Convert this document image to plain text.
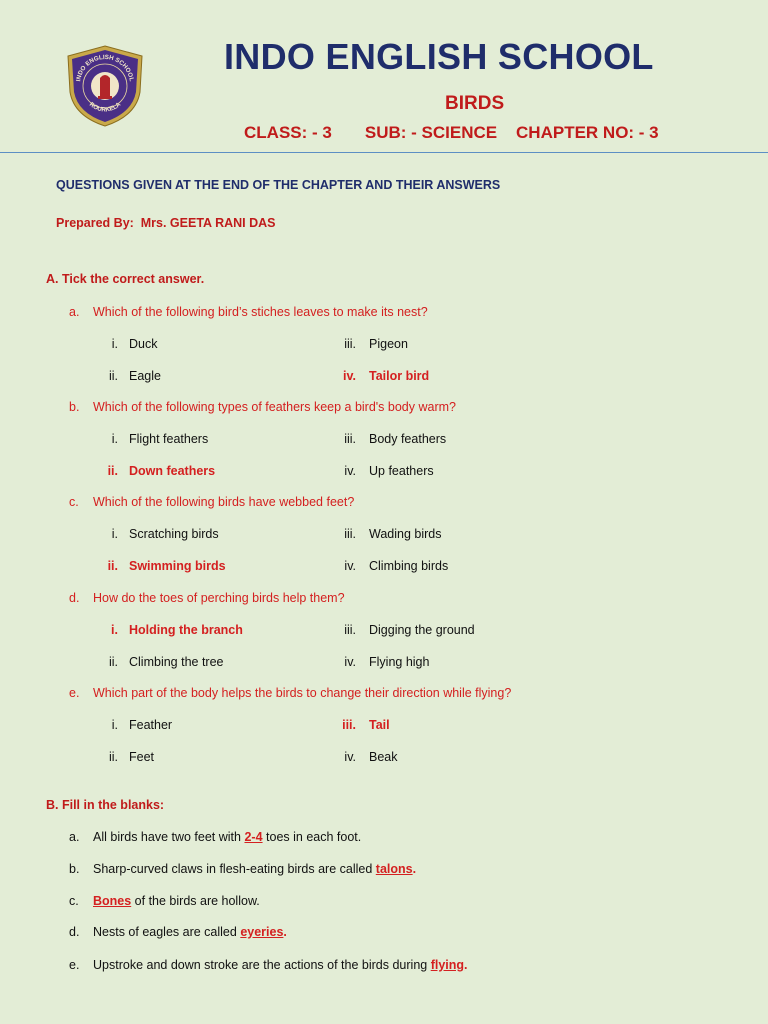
INDO ENGLISH SCHOOL
ROURKELA
INDO ENGLISH SCHOOL
BIRDS
CLASS: - 3       SUB: - SCIENCE    CHAPTER NO: - 3
QUESTIONS GIVEN AT THE END OF THE CHAPTER AND THEIR ANSWERS
Prepared By:  Mrs. GEETA RANI DAS
A. Tick the correct answer.
a. Which of the following bird’s stiches leaves to make its nest?
i. Duck	iii. Pigeon
ii. Eagle	iv. Tailor bird
b. Which of the following types of feathers keep a bird's body warm?
i. Flight feathers	iii. Body feathers
ii. Down feathers	iv. Up feathers
c. Which of the following birds have webbed feet?
i. Scratching birds	iii. Wading birds
ii. Swimming birds	iv. Climbing birds
d. How do the toes of perching birds help them?
i. Holding the branch	iii. Digging the ground
ii. Climbing the tree	iv. Flying high
e. Which part of the body helps the birds to change their direction while flying?
i. Feather	iii. Tail
ii. Feet	iv. Beak
B. Fill in the blanks:
a. All birds have two feet with 2-4 toes in each foot.
b. Sharp-curved claws in flesh-eating birds are called talons.
c. Bones of the birds are hollow.
d. Nests of eagles are called eyeries.
e. Upstroke and down stroke are the actions of the birds during flying.
